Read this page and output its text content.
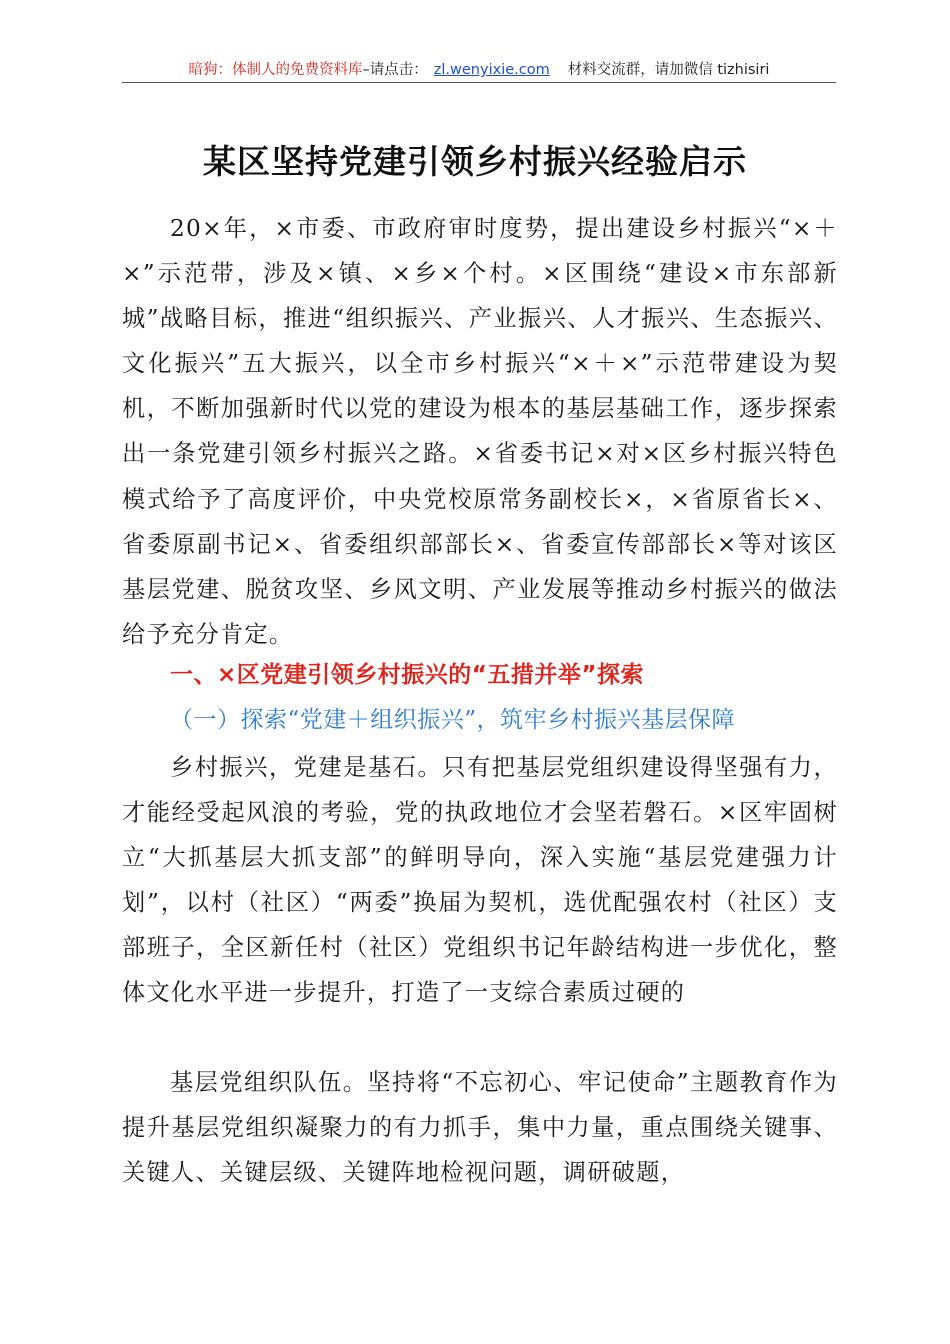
暗狗：体制人的免费资料库 –请点击： zl.wenyixie.com 材料交流群，请加微信 tizhisiri
某区坚持党建引领乡村振兴经验启示

20×年，×市委、市政府审时度势，提出建设乡村振兴“×＋×”示范带，涉及×镇、×乡×个村。×区围绕“建设×市东部新城”战略目标，推进“组织振兴、产业振兴、人才振兴、生态振兴、文化振兴”五大振兴，以全市乡村振兴“×＋×”示范带建设为契机，不断加强新时代以党的建设为根本的基层基础工作，逐步探索出一条党建引领乡村振兴之路。×省委书记×对×区乡村振兴特色模式给予了高度评价，中央党校原常务副校长×，×省原省长×、省委原副书记×、省委组织部部长×、省委宣传部部长×等对该区基层党建、脱贫攻坚、乡风文明、产业发展等推动乡村振兴的做法给予充分肯定。

一、×区党建引领乡村振兴的“五措并举”探索
（一）探索“党建＋组织振兴”，筑牢乡村振兴基层保障

乡村振兴，党建是基石。只有把基层党组织建设得坚强有力，才能经受起风浪的考验，党的执政地位才会坚若磐石。×区牢固树立“大抓基层大抓支部”的鲜明导向，深入实施“基层党建强力计划”，以村（社区）“两委”换届为契机，选优配强农村（社区）支部班子，全区新任村（社区）党组织书记年龄结构进一步优化，整体文化水平进一步提升，打造了一支综合素质过硬的

基层党组织队伍。坚持将“不忘初心、牢记使命”主题教育作为提升基层党组织凝聚力的有力抓手，集中力量，重点围绕关键事、关键人、关键层级、关键阵地检视问题，调研破题，
